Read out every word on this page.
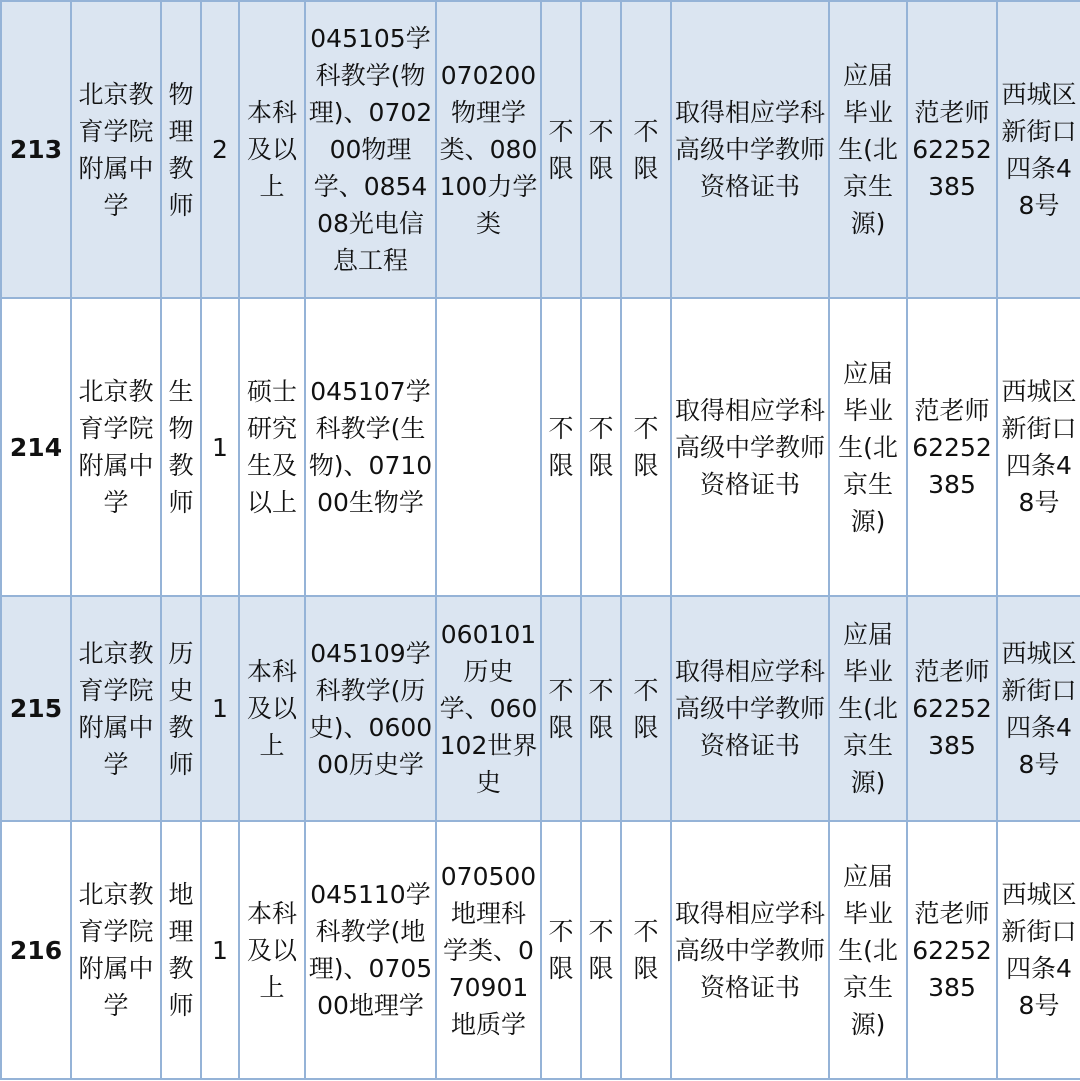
213	北京教育学院附属中学	物理教师	2	本科及以上	045105学科教学(物理)、070200物理学、085408光电信息工程	070200物理学类、080100力学类	不限	不限	不限	取得相应学科高级中学教师资格证书	应届毕业生(北京生源)	范老师62252385	西城区新街口四条48号
214	北京教育学院附属中学	生物教师	1	硕士研究生及以上	045107学科教学(生物)、071000生物学		不限	不限	不限	取得相应学科高级中学教师资格证书	应届毕业生(北京生源)	范老师62252385	西城区新街口四条48号
215	北京教育学院附属中学	历史教师	1	本科及以上	045109学科教学(历史)、060000历史学	060101历史学、060102世界史	不限	不限	不限	取得相应学科高级中学教师资格证书	应届毕业生(北京生源)	范老师62252385	西城区新街口四条48号
216	北京教育学院附属中学	地理教师	1	本科及以上	045110学科教学(地理)、070500地理学	070500地理科学类、070901地质学	不限	不限	不限	取得相应学科高级中学教师资格证书	应届毕业生(北京生源)	范老师62252385	西城区新街口四条48号
